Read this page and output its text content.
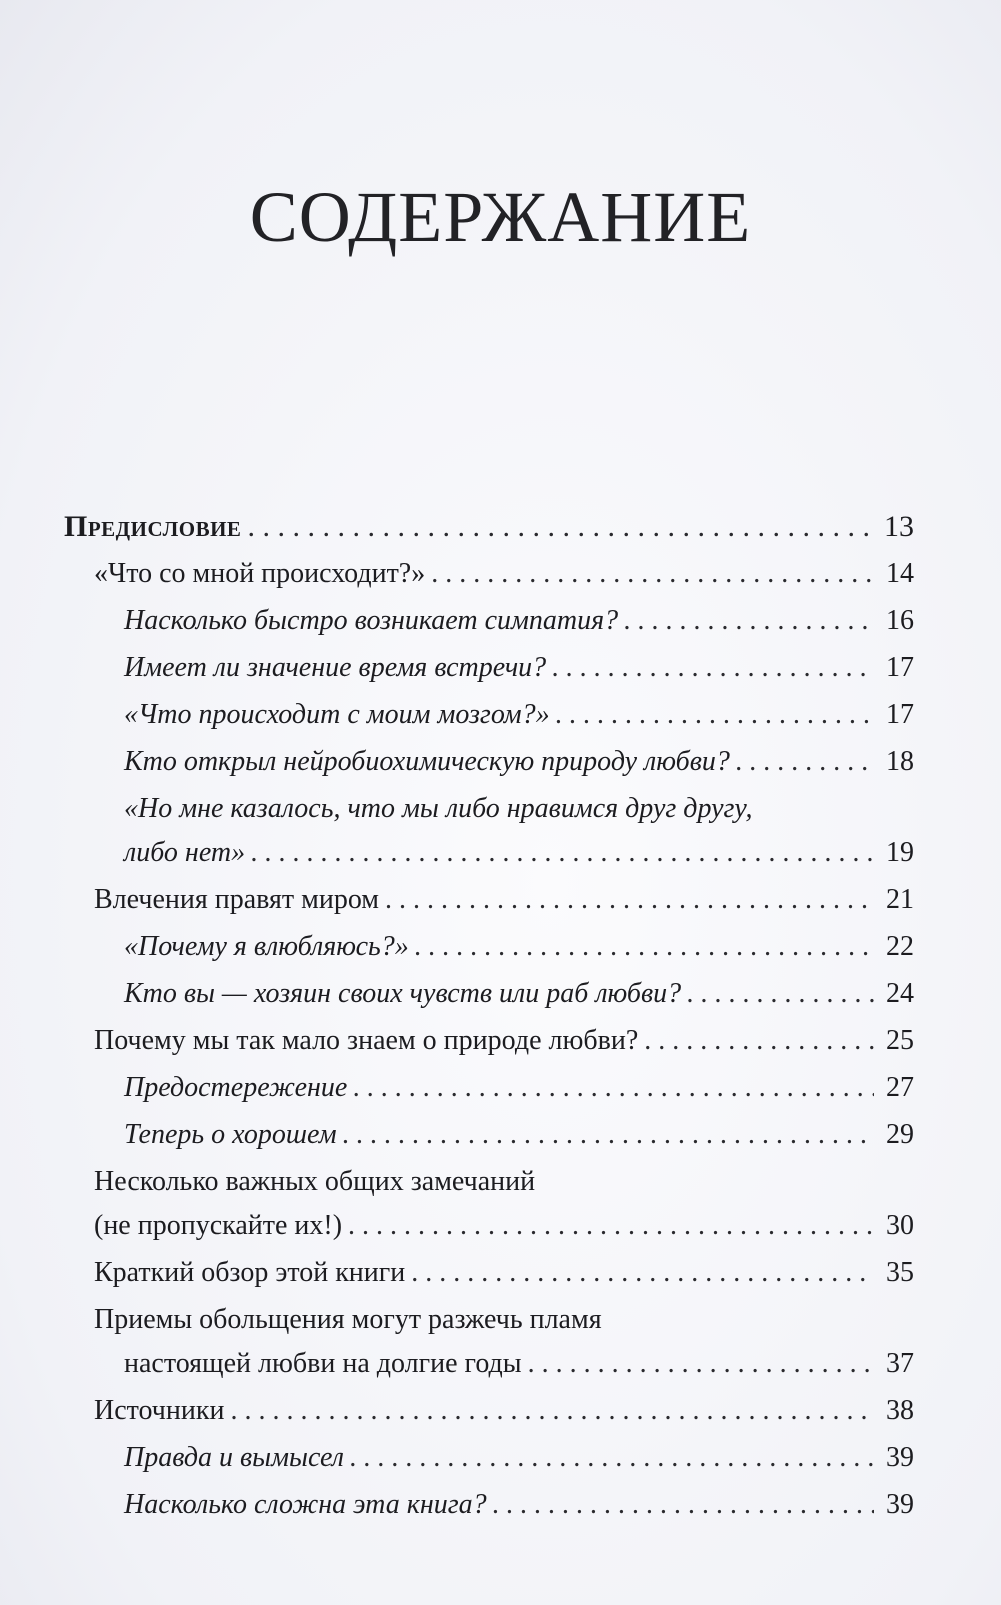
СОДЕРЖАНИЕ
Предисловие . . .	13
«Что со мной происходит?» . . .	14
Насколько быстро возникает симпатия? . . .	16
Имеет ли значение время встречи? . . .	17
«Что происходит с моим мозгом?» . . .	17
Кто открыл нейробиохимическую природу любви? . . .	18
«Но мне казалось, что мы либо нравимся друг другу,
либо нет» . . .	19
Влечения правят миром . . .	21
«Почему я влюбляюсь?» . . .	22
Кто вы — хозяин своих чувств или раб любви? . . .	24
Почему мы так мало знаем о природе любви? . . .	25
Предостережение . . .	27
Теперь о хорошем . . .	29
Несколько важных общих замечаний
(не пропускайте их!) . . .	30
Краткий обзор этой книги . . .	35
Приемы обольщения могут разжечь пламя
настоящей любви на долгие годы . . .	37
Источники . . .	38
Правда и вымысел . . .	39
Насколько сложна эта книга? . . .	39
